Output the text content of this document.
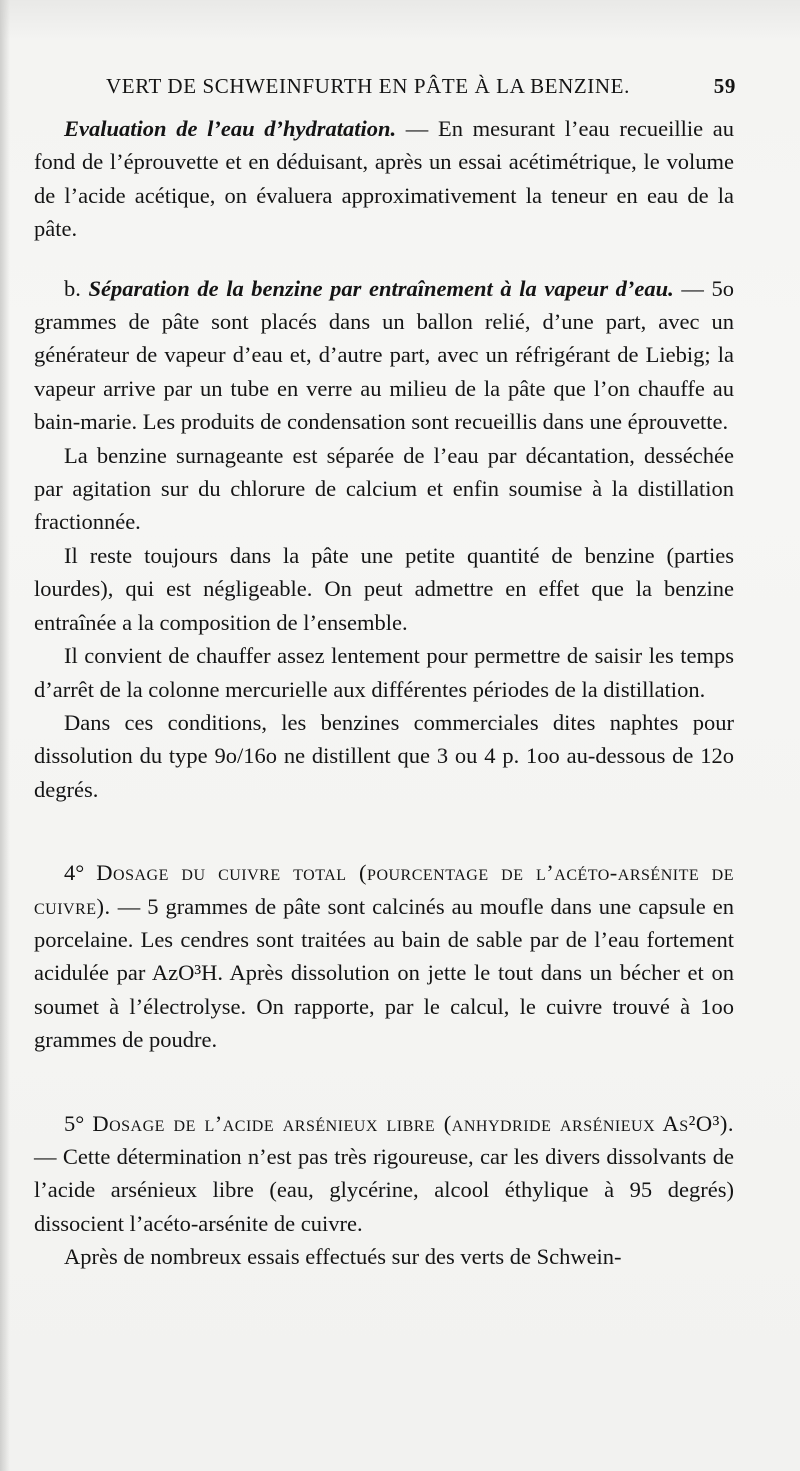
VERT DE SCHWEINFURTH EN PÂTE À LA BENZINE.	59

Evaluation de l’eau d’hydratation. — En mesurant l’eau recueillie au fond de l’éprouvette et en déduisant, après un essai acétimétrique, le volume de l’acide acétique, on évaluera approximativement la teneur en eau de la pâte.

b. Séparation de la benzine par entraînement à la vapeur d’eau. — 5o grammes de pâte sont placés dans un ballon relié, d’une part, avec un générateur de vapeur d’eau et, d’autre part, avec un réfrigérant de Liebig; la vapeur arrive par un tube en verre au milieu de la pâte que l’on chauffe au bain-marie. Les produits de condensation sont recueillis dans une éprouvette.

La benzine surnageante est séparée de l’eau par décantation, desséchée par agitation sur du chlorure de calcium et enfin soumise à la distillation fractionnée.

Il reste toujours dans la pâte une petite quantité de benzine (parties lourdes), qui est négligeable. On peut admettre en effet que la benzine entraînée a la composition de l’ensemble.

Il convient de chauffer assez lentement pour permettre de saisir les temps d’arrêt de la colonne mercurielle aux différentes périodes de la distillation.

Dans ces conditions, les benzines commerciales dites naphtes pour dissolution du type 9o/16o ne distillent que 3 ou 4 p. 1oo au-dessous de 12o degrés.

4° Dosage du cuivre total (pourcentage de l’acéto-arsénite de cuivre). — 5 grammes de pâte sont calcinés au moufle dans une capsule en porcelaine. Les cendres sont traitées au bain de sable par de l’eau fortement acidulée par AzO³H. Après dissolution on jette le tout dans un bécher et on soumet à l’électrolyse. On rapporte, par le calcul, le cuivre trouvé à 1oo grammes de poudre.

5° Dosage de l’acide arsénieux libre (anhydride arsénieux As²O³). — Cette détermination n’est pas très rigoureuse, car les divers dissolvants de l’acide arsénieux libre (eau, glycérine, alcool éthylique à 95 degrés) dissocient l’acéto-arsénite de cuivre.

Après de nombreux essais effectués sur des verts de Schwein-
